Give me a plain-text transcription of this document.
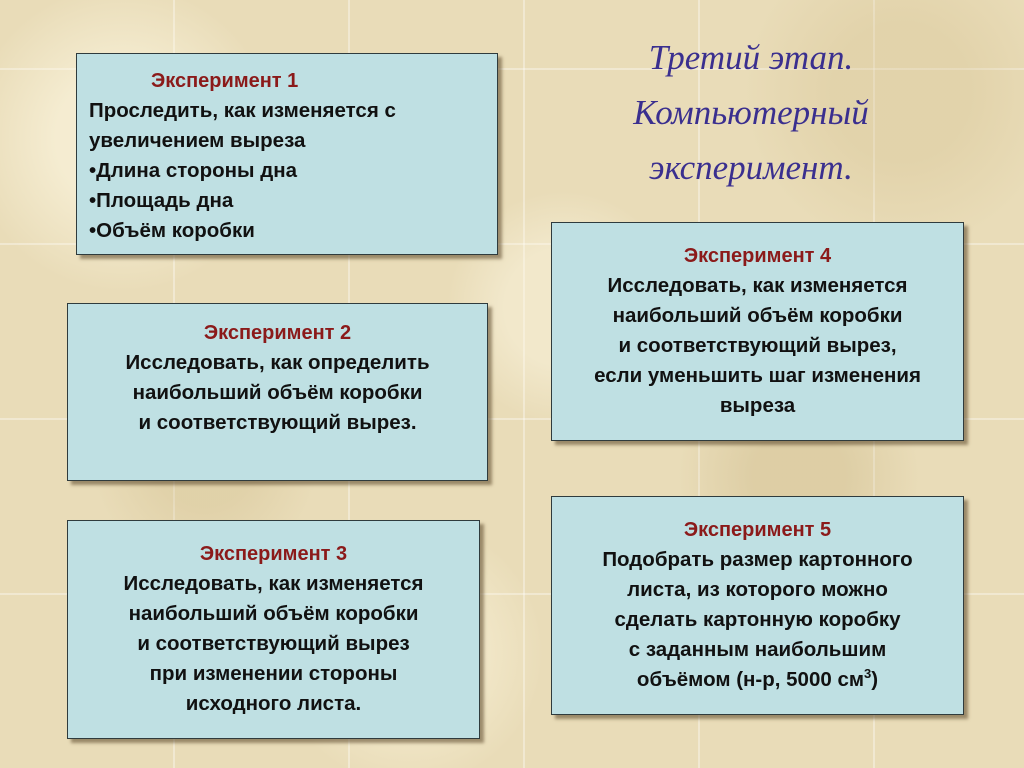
Третий этап.
Компьютерный
эксперимент.
Эксперимент 1
Проследить, как изменяется с
увеличением выреза
•Длина стороны дна
•Площадь дна
•Объём коробки
Эксперимент 2
Исследовать, как определить
наибольший объём коробки
и соответствующий вырез.
Эксперимент 3
Исследовать, как изменяется
наибольший объём коробки
и соответствующий вырез
при изменении стороны
исходного листа.
Эксперимент 4
Исследовать, как изменяется
наибольший объём коробки
и соответствующий вырез,
если уменьшить шаг изменения
выреза
Эксперимент 5
Подобрать размер картонного
листа, из которого можно
сделать картонную коробку
с заданным наибольшим
объёмом (н-р, 5000 $см^3$)
